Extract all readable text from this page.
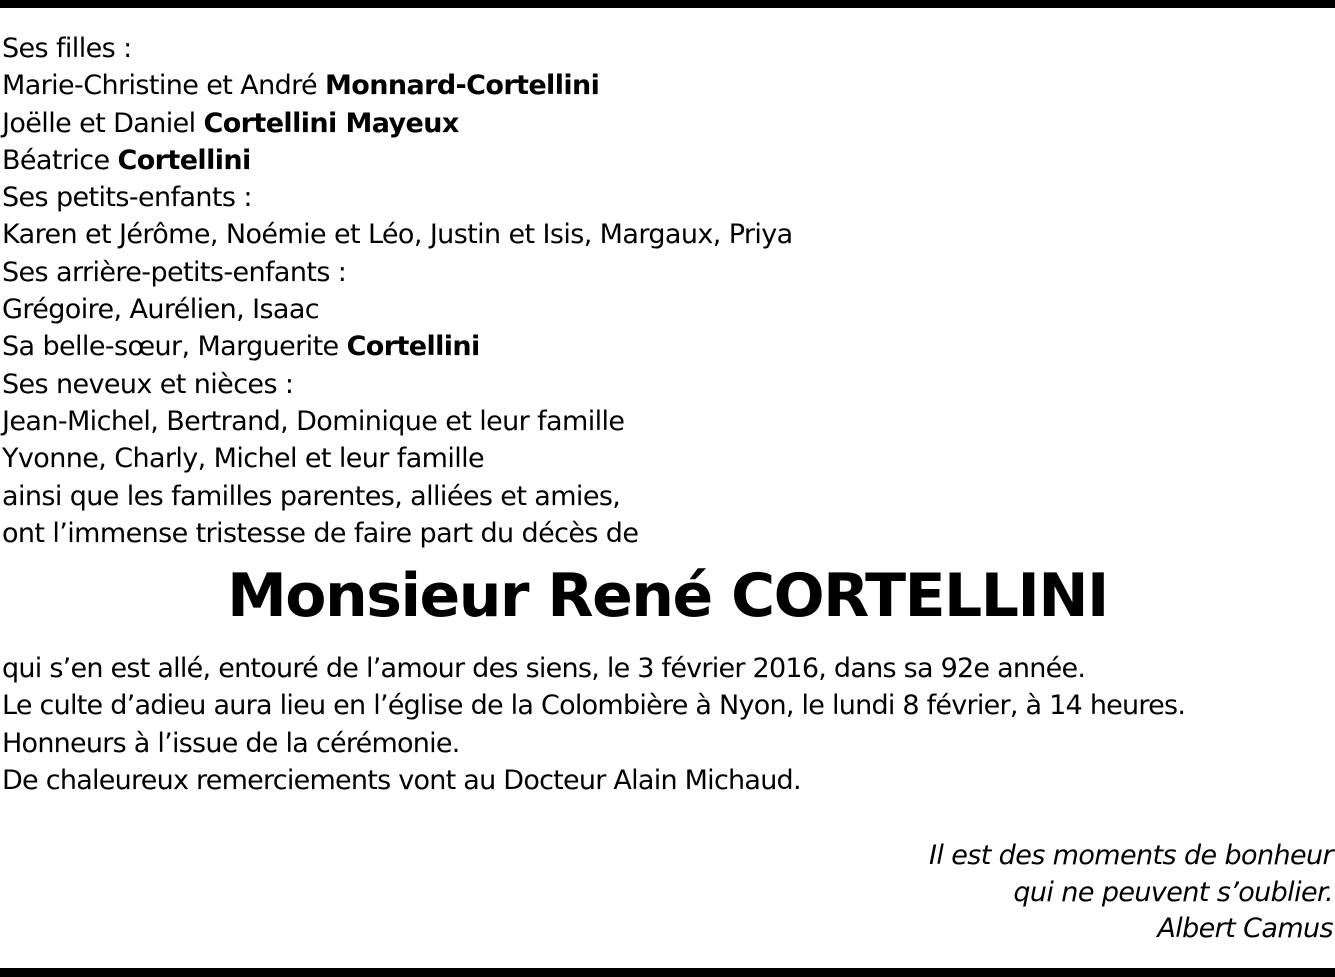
Ses filles :
Marie-Christine et André Monnard-Cortellini
Joëlle et Daniel Cortellini Mayeux
Béatrice Cortellini
Ses petits-enfants :
Karen et Jérôme, Noémie et Léo, Justin et Isis, Margaux, Priya
Ses arrière-petits-enfants :
Grégoire, Aurélien, Isaac
Sa belle-sœur, Marguerite Cortellini
Ses neveux et nièces :
Jean-Michel, Bertrand, Dominique et leur famille
Yvonne, Charly, Michel et leur famille
ainsi que les familles parentes, alliées et amies,
ont l’immense tristesse de faire part du décès de
Monsieur René CORTELLINI
qui s’en est allé, entouré de l’amour des siens, le 3 février 2016, dans sa 92e année.
Le culte d’adieu aura lieu en l’église de la Colombière à Nyon, le lundi 8 février, à 14 heures.
Honneurs à l’issue de la cérémonie.
De chaleureux remerciements vont au Docteur Alain Michaud.
Il est des moments de bonheur
qui ne peuvent s’oublier.
Albert Camus
